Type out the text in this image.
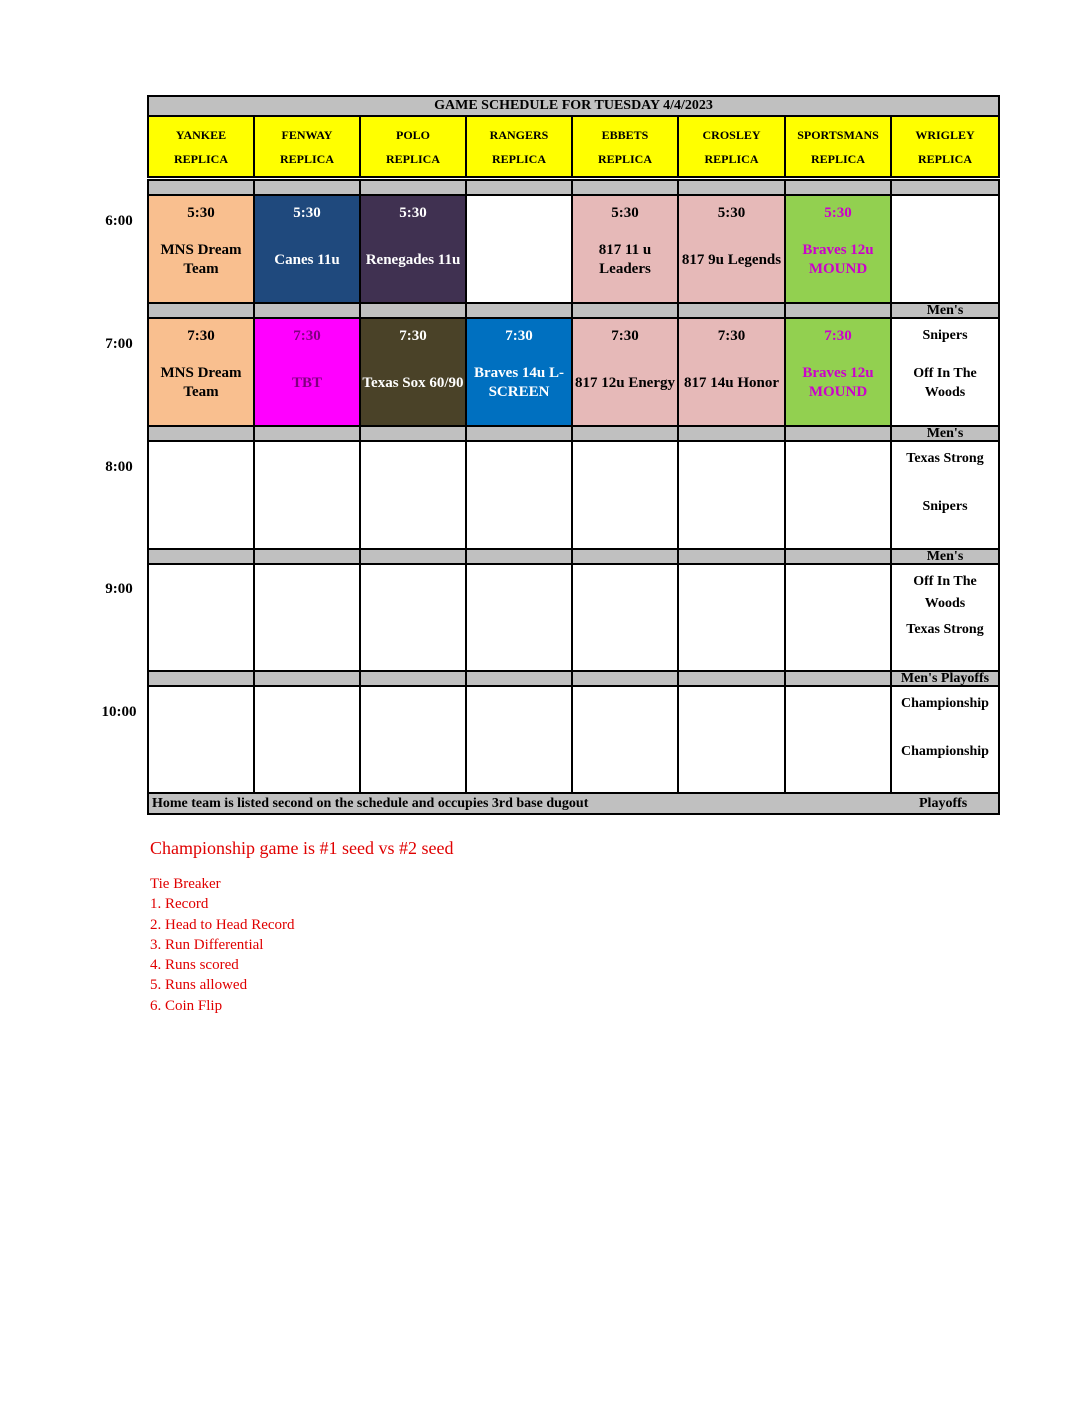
GAME SCHEDULE FOR TUESDAY 4/4/2023
YANKEE
REPLICA
FENWAY
REPLICA
POLO
REPLICA
RANGERS
REPLICA
EBBETS
REPLICA
CROSLEY
REPLICA
SPORTSMANS
REPLICA
WRIGLEY
REPLICA
5:30
MNS Dream Team
5:30
Canes 11u
5:30
Renegades 11u
5:30
817 11 u Leaders
5:30
817 9u Legends
5:30
Braves 12u MOUND
Men's
7:30
MNS Dream Team
7:30
TBT
7:30
Texas Sox 60/90
7:30
Braves 14u L-SCREEN
7:30
817 12u Energy
7:30
817 14u Honor
7:30
Braves 12u MOUND
Snipers
Off In The Woods
Men's
Texas Strong
Snipers
Men's
Off In The Woods
Texas Strong
Men's Playoffs
Championship
Championship
Home team is listed second on the schedule and occupies 3rd base dugout	Playoffs
6:00
7:00
8:00
9:00
10:00
Championship game is #1 seed vs #2 seed
Tie Breaker
1. Record
2. Head to Head Record
3. Run Differential
4. Runs scored
5. Runs allowed
6. Coin Flip
